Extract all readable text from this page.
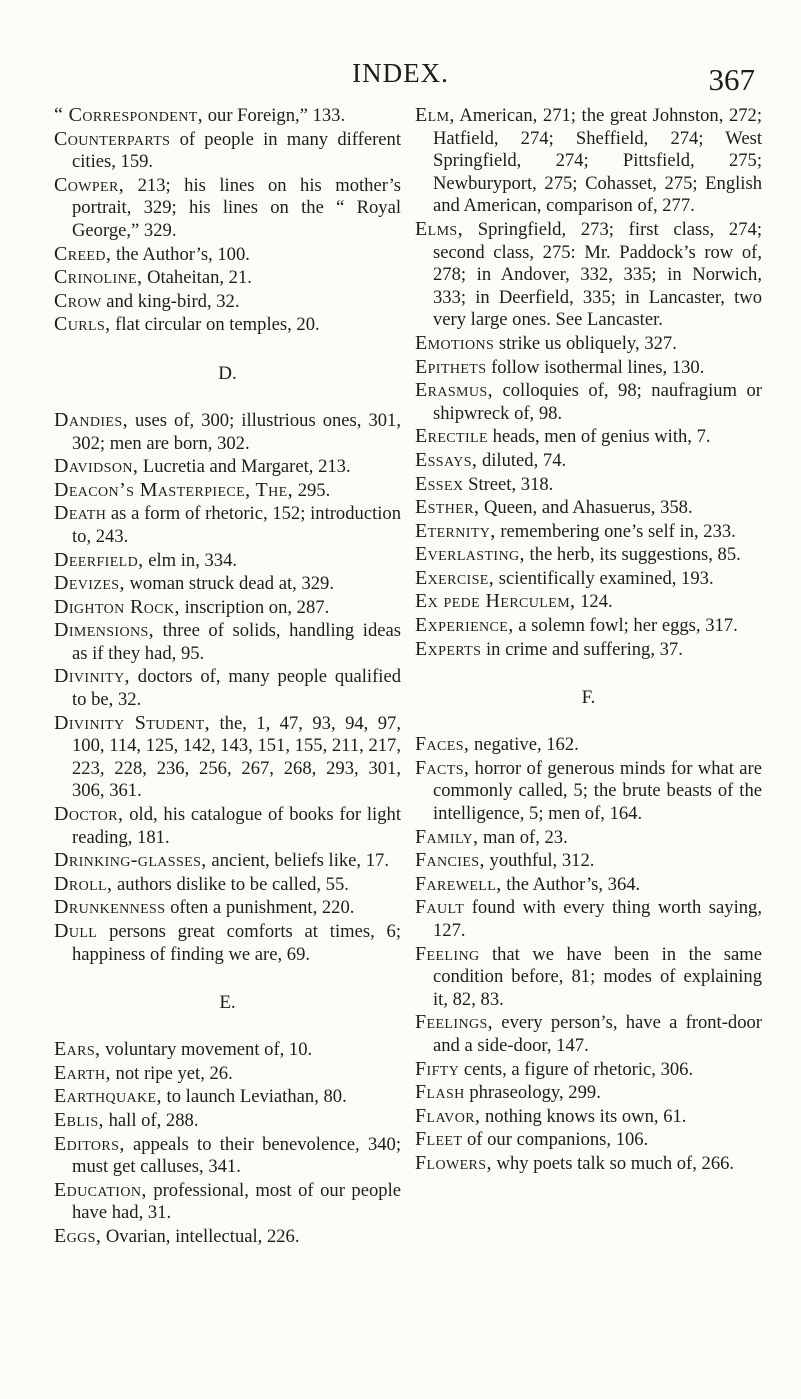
INDEX.	367
“ Correspondent, our Foreign,” 133.
Counterparts of people in many different cities, 159.
Cowper, 213; his lines on his mother’s portrait, 329; his lines on the “ Royal George,” 329.
Creed, the Author’s, 100.
Crinoline, Otaheitan, 21.
Crow and king-bird, 32.
Curls, flat circular on temples, 20.
D.
Dandies, uses of, 300; illustrious ones, 301, 302; men are born, 302.
Davidson, Lucretia and Margaret, 213.
Deacon’s Masterpiece, The, 295.
Death as a form of rhetoric, 152; introduction to, 243.
Deerfield, elm in, 334.
Devizes, woman struck dead at, 329.
Dighton Rock, inscription on, 287.
Dimensions, three of solids, handling ideas as if they had, 95.
Divinity, doctors of, many people qualified to be, 32.
Divinity Student, the, 1, 47, 93, 94, 97, 100, 114, 125, 142, 143, 151, 155, 211, 217, 223, 228, 236, 256, 267, 268, 293, 301, 306, 361.
Doctor, old, his catalogue of books for light reading, 181.
Drinking-glasses, ancient, beliefs like, 17.
Droll, authors dislike to be called, 55.
Drunkenness often a punishment, 220.
Dull persons great comforts at times, 6; happiness of finding we are, 69.
E.
Ears, voluntary movement of, 10.
Earth, not ripe yet, 26.
Earthquake, to launch Leviathan, 80.
Eblis, hall of, 288.
Editors, appeals to their benevolence, 340; must get calluses, 341.
Education, professional, most of our people have had, 31.
Eggs, Ovarian, intellectual, 226.
Elm, American, 271; the great Johnston, 272; Hatfield, 274; Sheffield, 274; West Springfield, 274; Pittsfield, 275; Newburyport, 275; Cohasset, 275; English and American, comparison of, 277.
Elms, Springfield, 273; first class, 274; second class, 275: Mr. Paddock’s row of, 278; in Andover, 332, 335; in Norwich, 333; in Deerfield, 335; in Lancaster, two very large ones. See Lancaster.
Emotions strike us obliquely, 327.
Epithets follow isothermal lines, 130.
Erasmus, colloquies of, 98; naufragium or shipwreck of, 98.
Erectile heads, men of genius with, 7.
Essays, diluted, 74.
Essex Street, 318.
Esther, Queen, and Ahasuerus, 358.
Eternity, remembering one’s self in, 233.
Everlasting, the herb, its suggestions, 85.
Exercise, scientifically examined, 193.
Ex pede Herculem, 124.
Experience, a solemn fowl; her eggs, 317.
Experts in crime and suffering, 37.
F.
Faces, negative, 162.
Facts, horror of generous minds for what are commonly called, 5; the brute beasts of the intelligence, 5; men of, 164.
Family, man of, 23.
Fancies, youthful, 312.
Farewell, the Author’s, 364.
Fault found with every thing worth saying, 127.
Feeling that we have been in the same condition before, 81; modes of explaining it, 82, 83.
Feelings, every person’s, have a front-door and a side-door, 147.
Fifty cents, a figure of rhetoric, 306.
Flash phraseology, 299.
Flavor, nothing knows its own, 61.
Fleet of our companions, 106.
Flowers, why poets talk so much of, 266.
